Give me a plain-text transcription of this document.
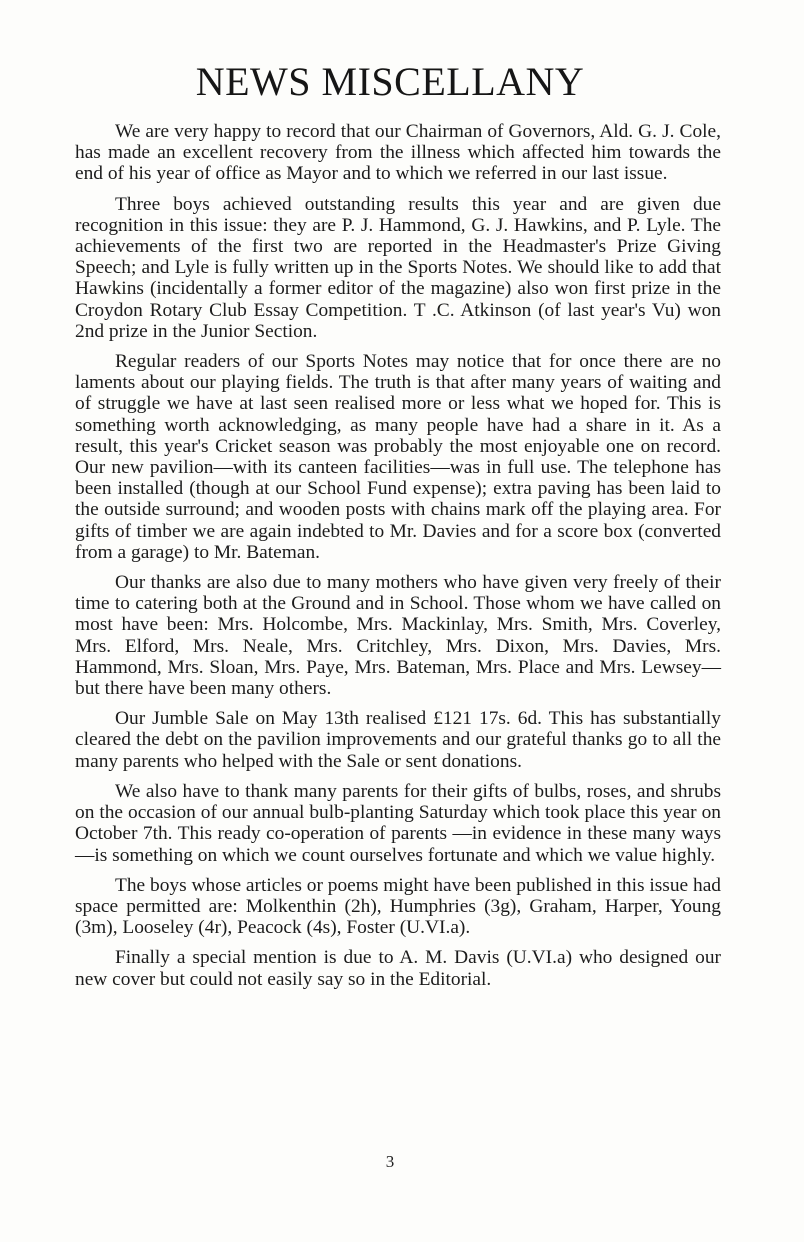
NEWS MISCELLANY

We are very happy to record that our Chairman of Governors, Ald. G. J. Cole, has made an excellent recovery from the illness which affected him towards the end of his year of office as Mayor and to which we referred in our last issue.

Three boys achieved outstanding results this year and are given due recognition in this issue: they are P. J. Hammond, G. J. Hawkins, and P. Lyle. The achievements of the first two are reported in the Headmaster's Prize Giving Speech; and Lyle is fully written up in the Sports Notes. We should like to add that Hawkins (incidentally a former editor of the magazine) also won first prize in the Croydon Rotary Club Essay Competition. T .C. Atkinson (of last year's Vu) won 2nd prize in the Junior Section.

Regular readers of our Sports Notes may notice that for once there are no laments about our playing fields. The truth is that after many years of waiting and of struggle we have at last seen realised more or less what we hoped for. This is something worth acknowledging, as many people have had a share in it. As a result, this year's Cricket season was probably the most enjoyable one on record. Our new pavilion—with its canteen facilities—was in full use. The telephone has been installed (though at our School Fund expense); extra paving has been laid to the outside surround; and wooden posts with chains mark off the playing area. For gifts of timber we are again indebted to Mr. Davies and for a score box (converted from a garage) to Mr. Bateman.

Our thanks are also due to many mothers who have given very freely of their time to catering both at the Ground and in School. Those whom we have called on most have been: Mrs. Holcombe, Mrs. Mackinlay, Mrs. Smith, Mrs. Coverley, Mrs. Elford, Mrs. Neale, Mrs. Critchley, Mrs. Dixon, Mrs. Davies, Mrs. Hammond, Mrs. Sloan, Mrs. Paye, Mrs. Bateman, Mrs. Place and Mrs. Lewsey—but there have been many others.

Our Jumble Sale on May 13th realised £121 17s. 6d. This has substantially cleared the debt on the pavilion improvements and our grateful thanks go to all the many parents who helped with the Sale or sent donations.

We also have to thank many parents for their gifts of bulbs, roses, and shrubs on the occasion of our annual bulb-planting Saturday which took place this year on October 7th. This ready co-operation of parents —in evidence in these many ways—is something on which we count ourselves fortunate and which we value highly.

The boys whose articles or poems might have been published in this issue had space permitted are: Molkenthin (2h), Humphries (3g), Graham, Harper, Young (3m), Looseley (4r), Peacock (4s), Foster (U.VI.a).

Finally a special mention is due to A. M. Davis (U.VI.a) who designed our new cover but could not easily say so in the Editorial.

3
